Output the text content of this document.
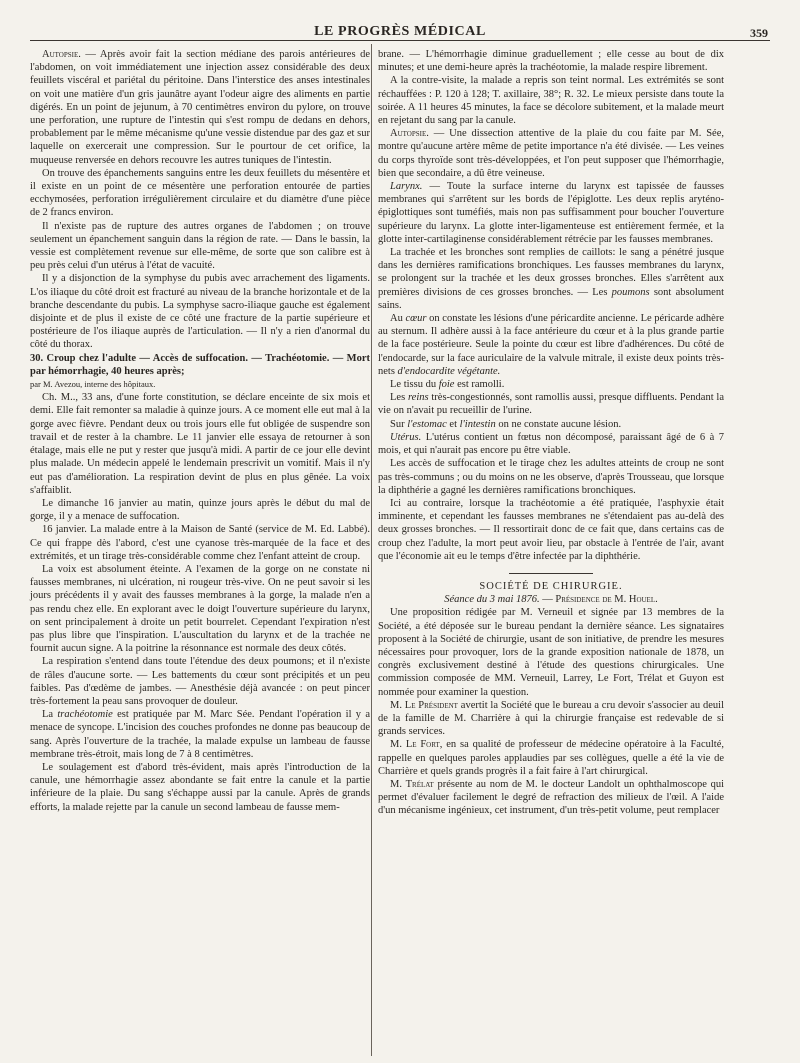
LE PROGRÈS MÉDICAL	359

Autopsie. — Après avoir fait la section médiane des parois antérieures de l'abdomen, on voit immédiatement une injection assez considérable des deux feuillets viscéral et pariétal du péritoine. Dans l'interstice des anses intestinales on voit une matière d'un gris jaunâtre ayant l'odeur aigre des aliments en partie digérés. En un point de jejunum, à 70 centimètres environ du pylore, on trouve une perforation, une rupture de l'intestin qui s'est rompu de dedans en dehors, probablement par le même mécanisme qu'une vessie distendue par des gaz et sur laquelle on exercerait une compression. Sur le pourtour de cet orifice, la muqueuse renversée en dehors recouvre les autres tuniques de l'intestin.

On trouve des épanchements sanguins entre les deux feuillets du mésentère et il existe en un point de ce mésentère une perforation entourée de parties ecchymosées, perforation irrégulièrement circulaire et du diamètre d'une pièce de 2 francs environ.

Il n'existe pas de rupture des autres organes de l'abdomen ; on trouve seulement un épanchement sanguin dans la région de rate. — Dans le bassin, la vessie est complètement revenue sur elle-même, de sorte que son calibre est à peu près celui d'un utérus à l'état de vacuité.

Il y a disjonction de la symphyse du pubis avec arrachement des ligaments. L'os iliaque du côté droit est fracturé au niveau de la branche horizontale et de la branche descendante du pubis. La symphyse sacro-iliaque gauche est également disjointe et de plus il existe de ce côté une fracture de la partie supérieure et postérieure de l'os iliaque auprès de l'articulation. — Il n'y a rien d'anormal du côté du thorax.

30. Croup chez l'adulte — Accès de suffocation. — Trachéotomie. — Mort par hémorrhagie, 40 heures après;

par M. Avezou, interne des hôpitaux.

Ch. M.., 33 ans, d'une forte constitution, se déclare enceinte de six mois et demi. Elle fait remonter sa maladie à quinze jours. A ce moment elle eut mal à la gorge avec fièvre. Pendant deux ou trois jours elle fut obligée de suspendre son travail et de rester à la chambre. Le 11 janvier elle essaya de retourner à son étalage, mais elle ne put y rester que jusqu'à midi. A partir de ce jour elle devint plus malade. Un médecin appelé le lendemain prescrivit un vomitif. Mais il n'y eut pas d'amélioration. La respiration devint de plus en plus gênée. La voix s'affaiblit.

Le dimanche 16 janvier au matin, quinze jours après le début du mal de gorge, il y a menace de suffocation.

16 janvier. La malade entre à la Maison de Santé (service de M. Ed. Labbé). Ce qui frappe dès l'abord, c'est une cyanose très-marquée de la face et des extrémités, et un tirage très-considérable comme chez l'enfant atteint de croup.

La voix est absolument éteinte. A l'examen de la gorge on ne constate ni fausses membranes, ni ulcération, ni rougeur très-vive. On ne peut savoir si les jours précédents il y avait des fausses membranes à la gorge, la malade n'en a pas rendu chez elle. En explorant avec le doigt l'ouverture supérieure du larynx, on sent principalement à droite un petit bourrelet. Cependant l'expiration n'est pas plus libre que l'inspiration. L'auscultation du larynx et de la trachée ne fournit aucun signe. A la poitrine la résonnance est normale des deux côtés.

La respiration s'entend dans toute l'étendue des deux poumons; et il n'existe de râles d'aucune sorte. — Les battements du cœur sont précipités et un peu faibles. Pas d'œdème de jambes. — Anesthésie déjà avancée : on peut pincer très-fortement la peau sans provoquer de douleur.

La trachéotomie est pratiquée par M. Marc Sée. Pendant l'opération il y a menace de syncope. L'incision des couches profondes ne donne pas beaucoup de sang. Après l'ouverture de la trachée, la malade expulse un lambeau de fausse membrane très-étroit, mais long de 7 à 8 centimètres.

Le soulagement est d'abord très-évident, mais après l'introduction de la canule, une hémorrhagie assez abondante se fait entre la canule et la partie inférieure de la plaie. Du sang s'échappe aussi par la canule. Après de grands efforts, la malade rejette par la canule un second lambeau de fausse mem-

brane. — L'hémorrhagie diminue graduellement ; elle cesse au bout de dix minutes; et une demi-heure après la trachéotomie, la malade respire librement.

A la contre-visite, la malade a repris son teint normal. Les extrémités se sont réchauffées : P. 120 à 128; T. axillaire, 38°; R. 32. Le mieux persiste dans toute la soirée. A 11 heures 45 minutes, la face se décolore subitement, et la malade meurt en rejetant du sang par la canule.

Autopsie. — Une dissection attentive de la plaie du cou faite par M. Sée, montre qu'aucune artère même de petite importance n'a été divisée. — Les veines du corps thyroïde sont très-développées, et l'on peut supposer que l'hémorrhagie, bien que secondaire, a dû être veineuse.

Larynx. — Toute la surface interne du larynx est tapissée de fausses membranes qui s'arrêtent sur les bords de l'épiglotte. Les deux replis aryténo-épiglottiques sont tuméfiés, mais non pas suffisamment pour boucher l'ouverture supérieure du larynx. La glotte inter-ligamenteuse est entièrement fermée, et la glotte inter-cartilaginense considérablement rétrécie par les fausses membranes.

La trachée et les bronches sont remplies de caillots: le sang a pénétré jusque dans les dernières ramifications bronchiques. Les fausses membranes du larynx, se prolongent sur la trachée et les deux grosses bronches. Elles s'arrêtent aux premières divisions de ces grosses bronches. — Les poumons sont absolument sains.

Au cœur on constate les lésions d'une péricardite ancienne. Le péricarde adhère au sternum. Il adhère aussi à la face antérieure du cœur et à la plus grande partie de la face postérieure. Seule la pointe du cœur est libre d'adhérences. Du côté de l'endocarde, sur la face auriculaire de la valvule mitrale, il existe deux points très-nets d'endocardite végétante.

Le tissu du foie est ramolli.

Les reins très-congestionnés, sont ramollis aussi, presque diffluents. Pendant la vie on n'avait pu recueillir de l'urine.

Sur l'estomac et l'intestin on ne constate aucune lésion.

Utérus. L'utérus contient un fœtus non décomposé, paraissant âgé de 6 à 7 mois, et qui n'aurait pas encore pu être viable.

Les accès de suffocation et le tirage chez les adultes atteints de croup ne sont pas très-communs ; ou du moins on ne les observe, d'après Trousseau, que lorsque la diphthérie a gagné les dernières ramifications bronchiques.

Ici au contraire, lorsque la trachéotomie a été pratiquée, l'asphyxie était imminente, et cependant les fausses membranes ne s'étendaient pas au-delà des deux grosses bronches. — Il ressortirait donc de ce fait que, dans certains cas de croup chez l'adulte, la mort peut avoir lieu, par obstacle à l'entrée de l'air, avant que l'économie ait eu le temps d'être infectée par la diphthérie.

SOCIÉTÉ DE CHIRURGIE.

Séance du 3 mai 1876. — Présidence de M. Houel.

Une proposition rédigée par M. Verneuil et signée par 13 membres de la Société, a été déposée sur le bureau pendant la dernière séance. Les signataires proposent à la Société de chirurgie, usant de son initiative, de prendre les mesures nécessaires pour provoquer, lors de la grande exposition nationale de 1878, un congrès exclusivement destiné à l'étude des questions chirurgicales. Une commission composée de MM. Verneuil, Larrey, Le Fort, Trélat et Guyon est nommée pour examiner la question.

M. Le Président avertit la Société que le bureau a cru devoir s'associer au deuil de la famille de M. Charrière à qui la chirurgie française est redevable de si grands services.

M. Le Fort, en sa qualité de professeur de médecine opératoire à la Faculté, rappelle en quelques paroles applaudies par ses collègues, quelle a été la vie de Charrière et quels grands progrès il a fait faire à l'art chirurgical.

M. Trélat présente au nom de M. le docteur Landolt un ophthalmoscope qui permet d'évaluer facilement le degré de refraction des milieux de l'œil. A l'aide d'un mécanisme ingénieux, cet instrument, d'un très-petit volume, peut remplacer
